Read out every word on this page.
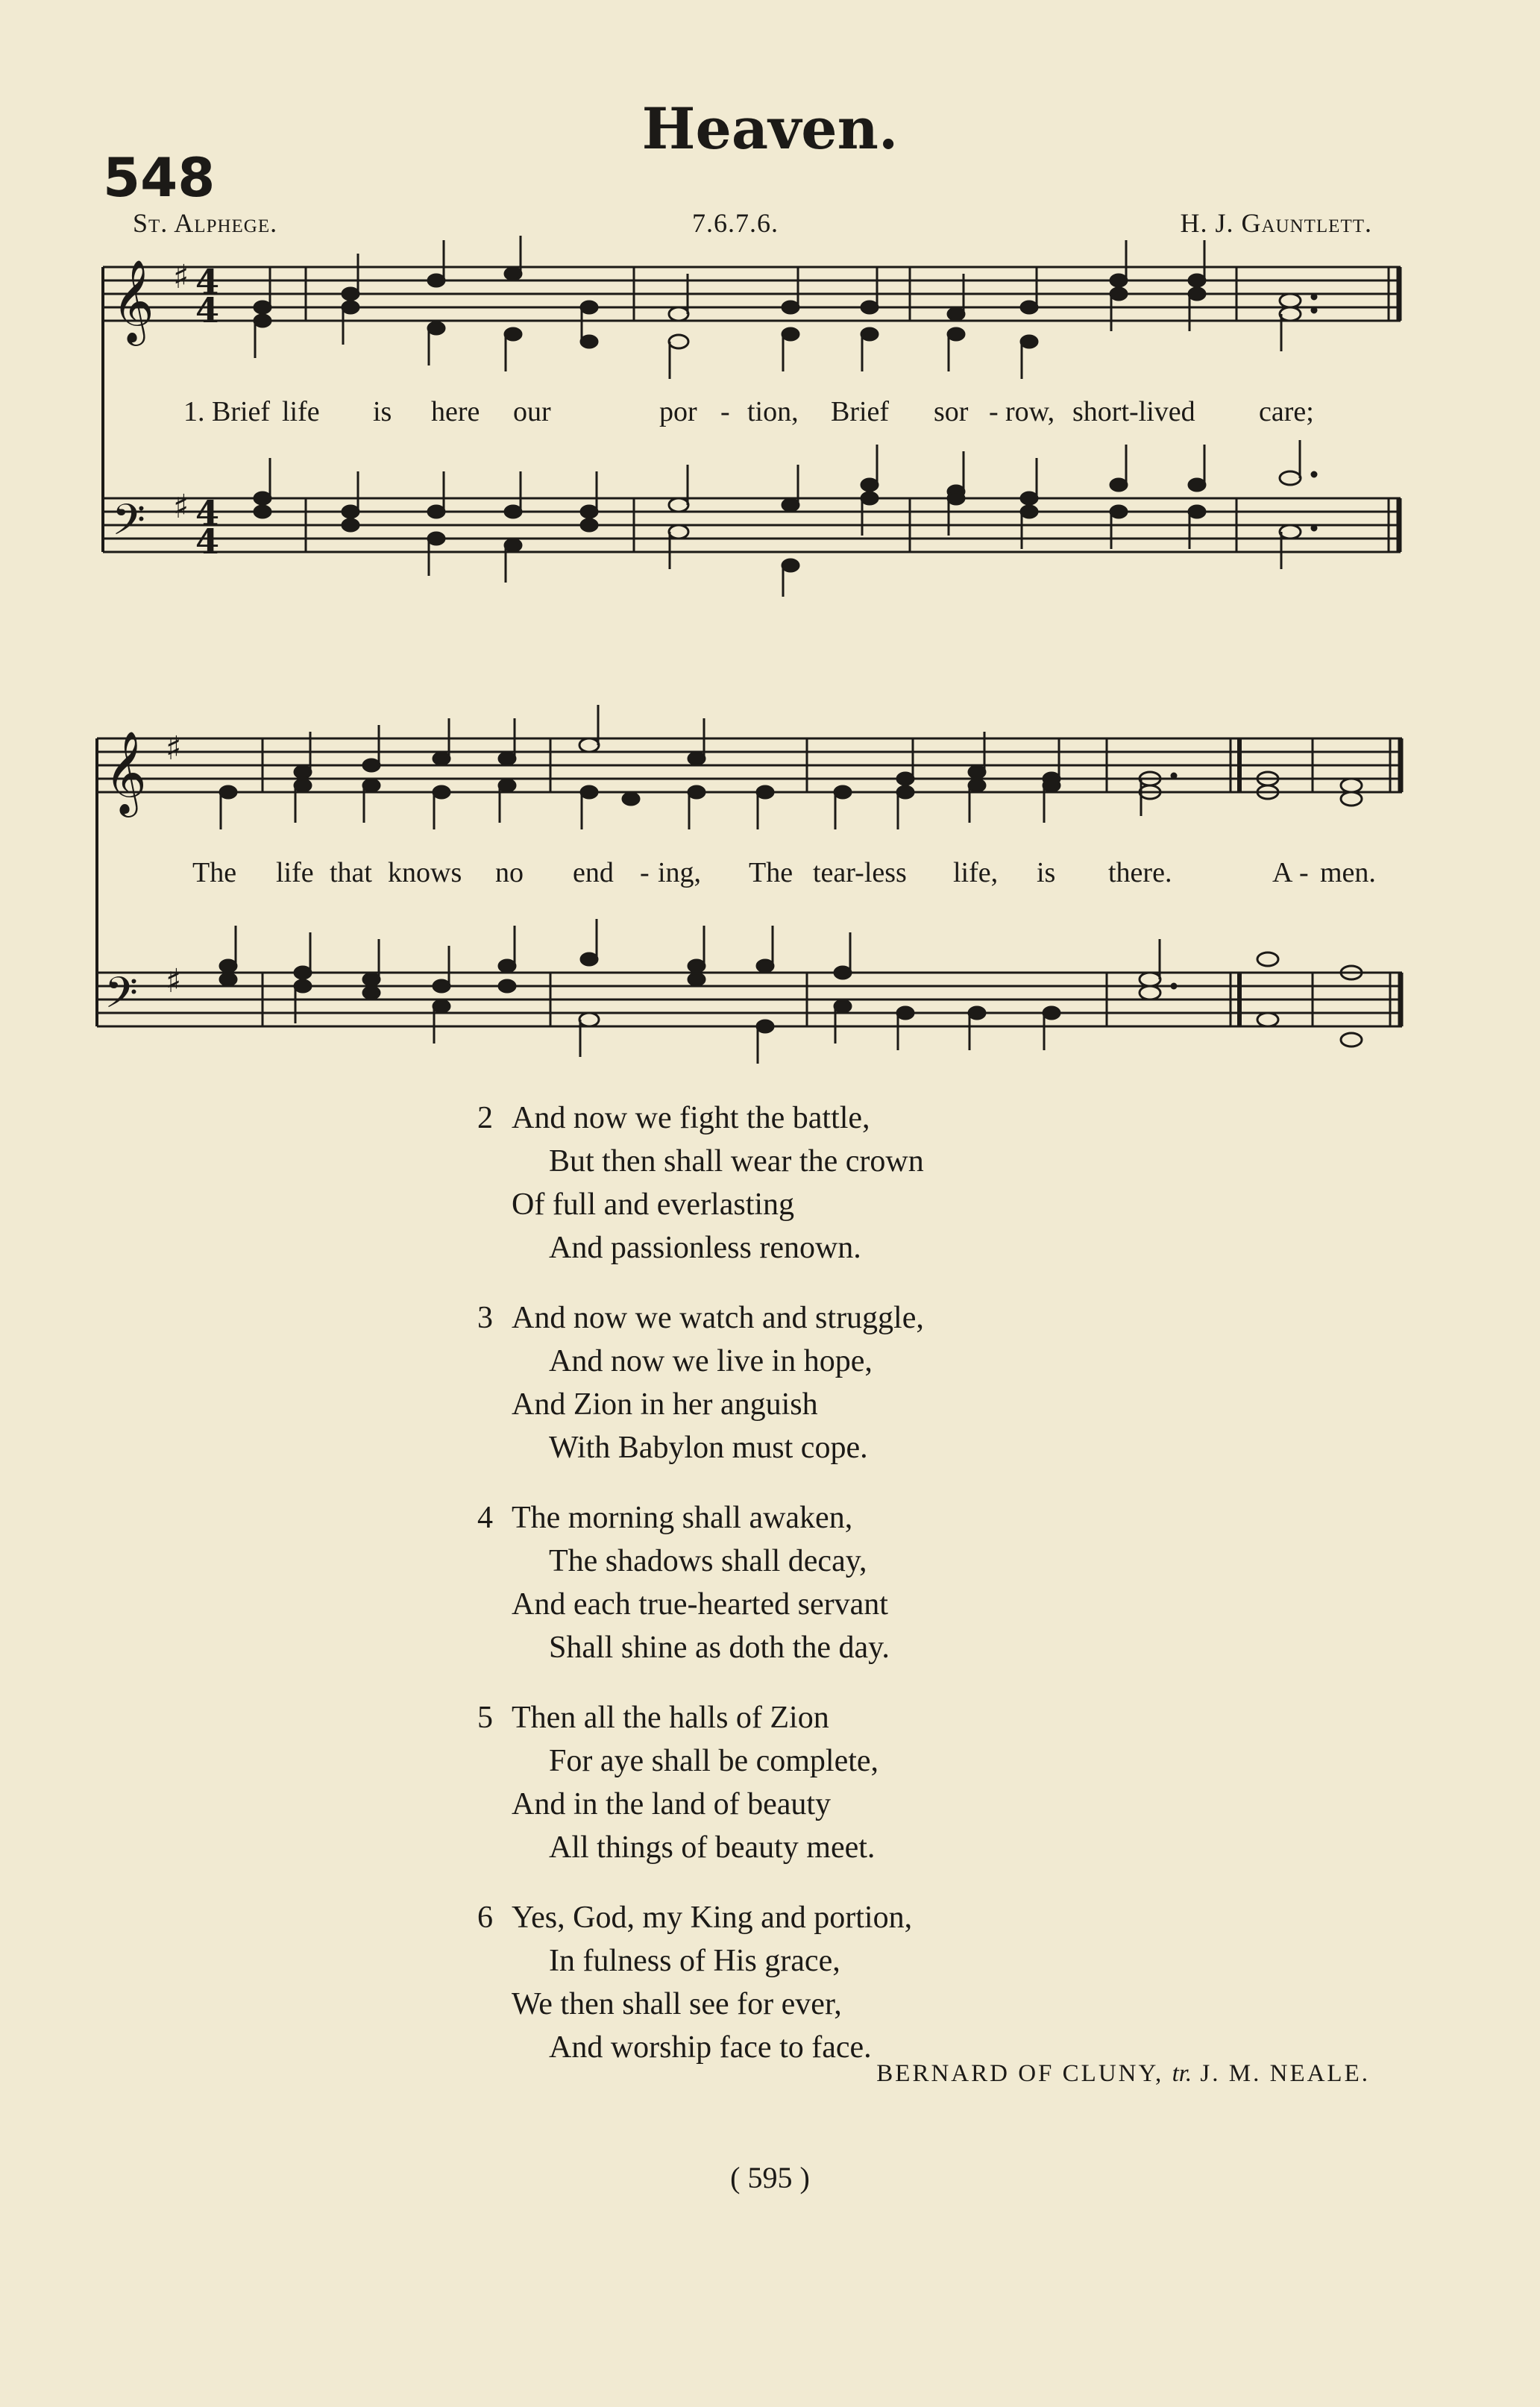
Heaven.
548
St. Alphege.	7.6.7.6.	H. J. Gauntlett.
𝄞
𝄢
♯
♯
4
4
4
4
1. Brief life is here our	por - tion, Brief sor - row, short-lived care;
𝄞
𝄢
♯
♯
The life that knows no end - ing, The tear-less life, is there.	A - men.
2 And now we fight the battle,
But then shall wear the crown
Of full and everlasting
And passionless renown.
3 And now we watch and struggle,
And now we live in hope,
And Zion in her anguish
With Babylon must cope.
4 The morning shall awaken,
The shadows shall decay,
And each true-hearted servant
Shall shine as doth the day.
5 Then all the halls of Zion
For aye shall be complete,
And in the land of beauty
All things of beauty meet.
6 Yes, God, my King and portion,
In fulness of His grace,
We then shall see for ever,
And worship face to face.
BERNARD OF CLUNY, tr. J. M. NEALE.
( 595 )
